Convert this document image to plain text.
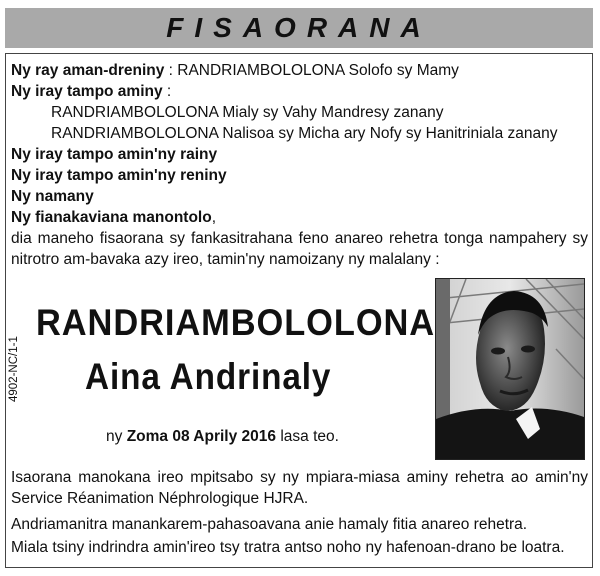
FISAORANA
Ny ray aman-dreniny : RANDRIAMBOLOLONA Solofo sy Mamy
Ny iray tampo aminy :
RANDRIAMBOLOLONA Mialy sy Vahy Mandresy zanany
RANDRIAMBOLOLONA Nalisoa sy Micha ary Nofy sy Hanitriniala zanany
Ny iray tampo amin'ny rainy
Ny iray tampo amin'ny reniny
Ny namany
Ny fianakaviana manontolo,
dia maneho fisaorana sy fankasitrahana feno anareo rehetra tonga nampahery sy
nitrotro am-bavaka azy ireo, tamin'ny namoizany ny malalany :
4902-NC/1-1
RANDRIAMBOLOLONA
Aina Andrinaly
ny Zoma 08 Aprily 2016 lasa teo.
Isaorana manokana ireo mpitsabo sy ny mpiara-miasa aminy rehetra ao amin'ny
Service Réanimation Néphrologique HJRA.
Andriamanitra manankarem-pahasoavana anie hamaly fitia anareo rehetra.
Miala tsiny indrindra amin'ireo tsy tratra antso noho ny hafenoan-drano be loatra.
